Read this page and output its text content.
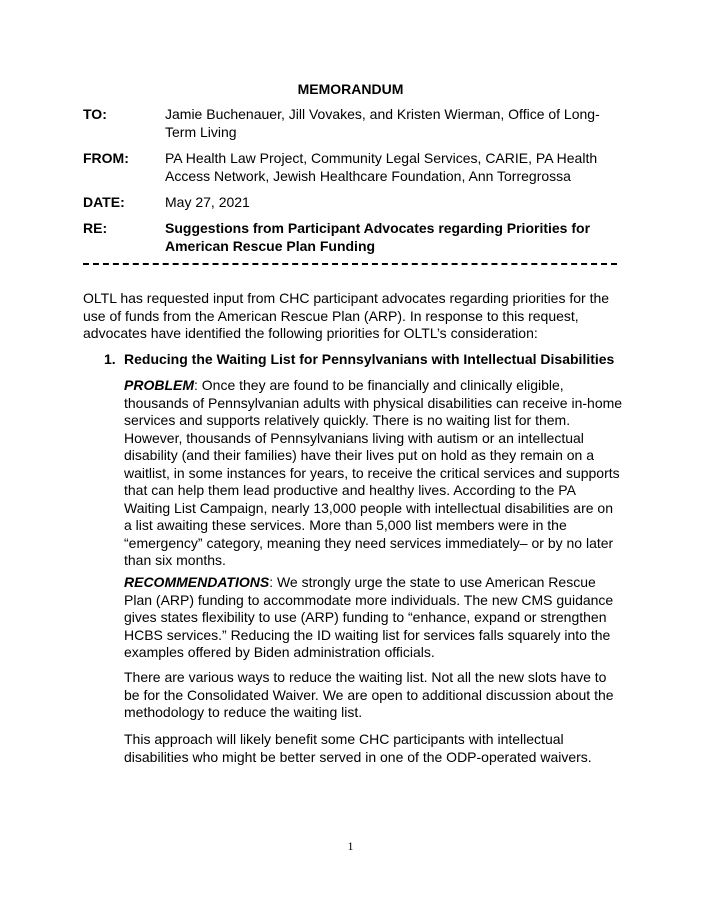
MEMORANDUM
TO:	Jamie Buchenauer, Jill Vovakes, and Kristen Wierman, Office of Long-Term Living
FROM:	PA Health Law Project, Community Legal Services, CARIE, PA Health Access Network, Jewish Healthcare Foundation, Ann Torregrossa
DATE:	May 27, 2021
RE:	Suggestions from Participant Advocates regarding Priorities for American Rescue Plan Funding
OLTL has requested input from CHC participant advocates regarding priorities for the use of funds from the American Rescue Plan (ARP). In response to this request, advocates have identified the following priorities for OLTL’s consideration:
1. Reducing the Waiting List for Pennsylvanians with Intellectual Disabilities
PROBLEM: Once they are found to be financially and clinically eligible, thousands of Pennsylvanian adults with physical disabilities can receive in-home services and supports relatively quickly. There is no waiting list for them. However, thousands of Pennsylvanians living with autism or an intellectual disability (and their families) have their lives put on hold as they remain on a waitlist, in some instances for years, to receive the critical services and supports that can help them lead productive and healthy lives. According to the PA Waiting List Campaign, nearly 13,000 people with intellectual disabilities are on a list awaiting these services. More than 5,000 list members were in the “emergency” category, meaning they need services immediately– or by no later than six months.
RECOMMENDATIONS: We strongly urge the state to use American Rescue Plan (ARP) funding to accommodate more individuals. The new CMS guidance gives states flexibility to use (ARP) funding to “enhance, expand or strengthen HCBS services.” Reducing the ID waiting list for services falls squarely into the examples offered by Biden administration officials.
There are various ways to reduce the waiting list. Not all the new slots have to be for the Consolidated Waiver. We are open to additional discussion about the methodology to reduce the waiting list.
This approach will likely benefit some CHC participants with intellectual disabilities who might be better served in one of the ODP-operated waivers.
1
